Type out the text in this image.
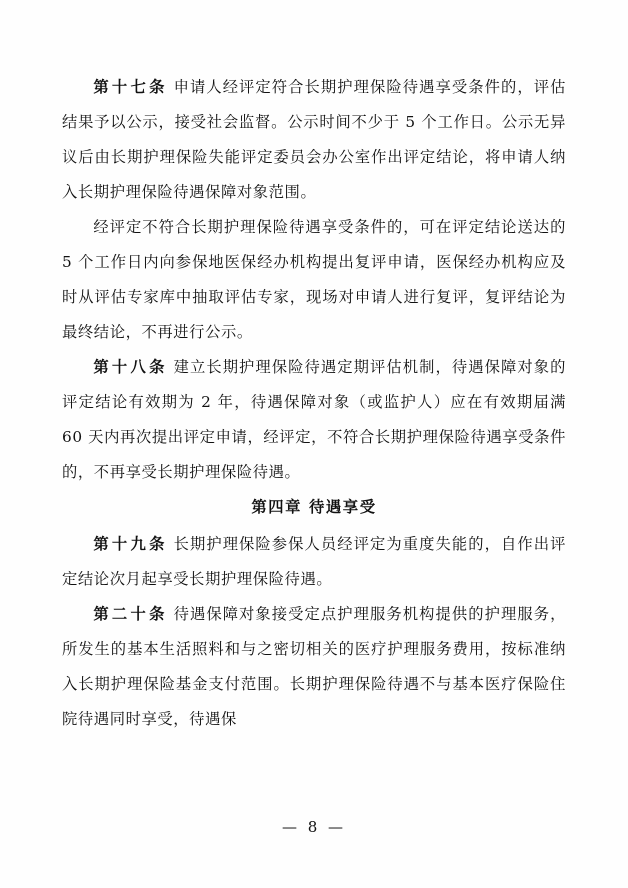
第十七条 申请人经评定符合长期护理保险待遇享受条件的，评估结果予以公示，接受社会监督。公示时间不少于 5 个工作日。公示无异议后由长期护理保险失能评定委员会办公室作出评定结论，将申请人纳入长期护理保险待遇保障对象范围。

经评定不符合长期护理保险待遇享受条件的，可在评定结论送达的 5 个工作日内向参保地医保经办机构提出复评申请，医保经办机构应及时从评估专家库中抽取评估专家，现场对申请人进行复评，复评结论为最终结论，不再进行公示。

第十八条 建立长期护理保险待遇定期评估机制，待遇保障对象的评定结论有效期为 2 年，待遇保障对象（或监护人）应在有效期届满 60 天内再次提出评定申请，经评定，不符合长期护理保险待遇享受条件的，不再享受长期护理保险待遇。

第四章 待遇享受

第十九条 长期护理保险参保人员经评定为重度失能的，自作出评定结论次月起享受长期护理保险待遇。

第二十条 待遇保障对象接受定点护理服务机构提供的护理服务，所发生的基本生活照料和与之密切相关的医疗护理服务费用，按标准纳入长期护理保险基金支付范围。长期护理保险待遇不与基本医疗保险住院待遇同时享受，待遇保

— 8 —
